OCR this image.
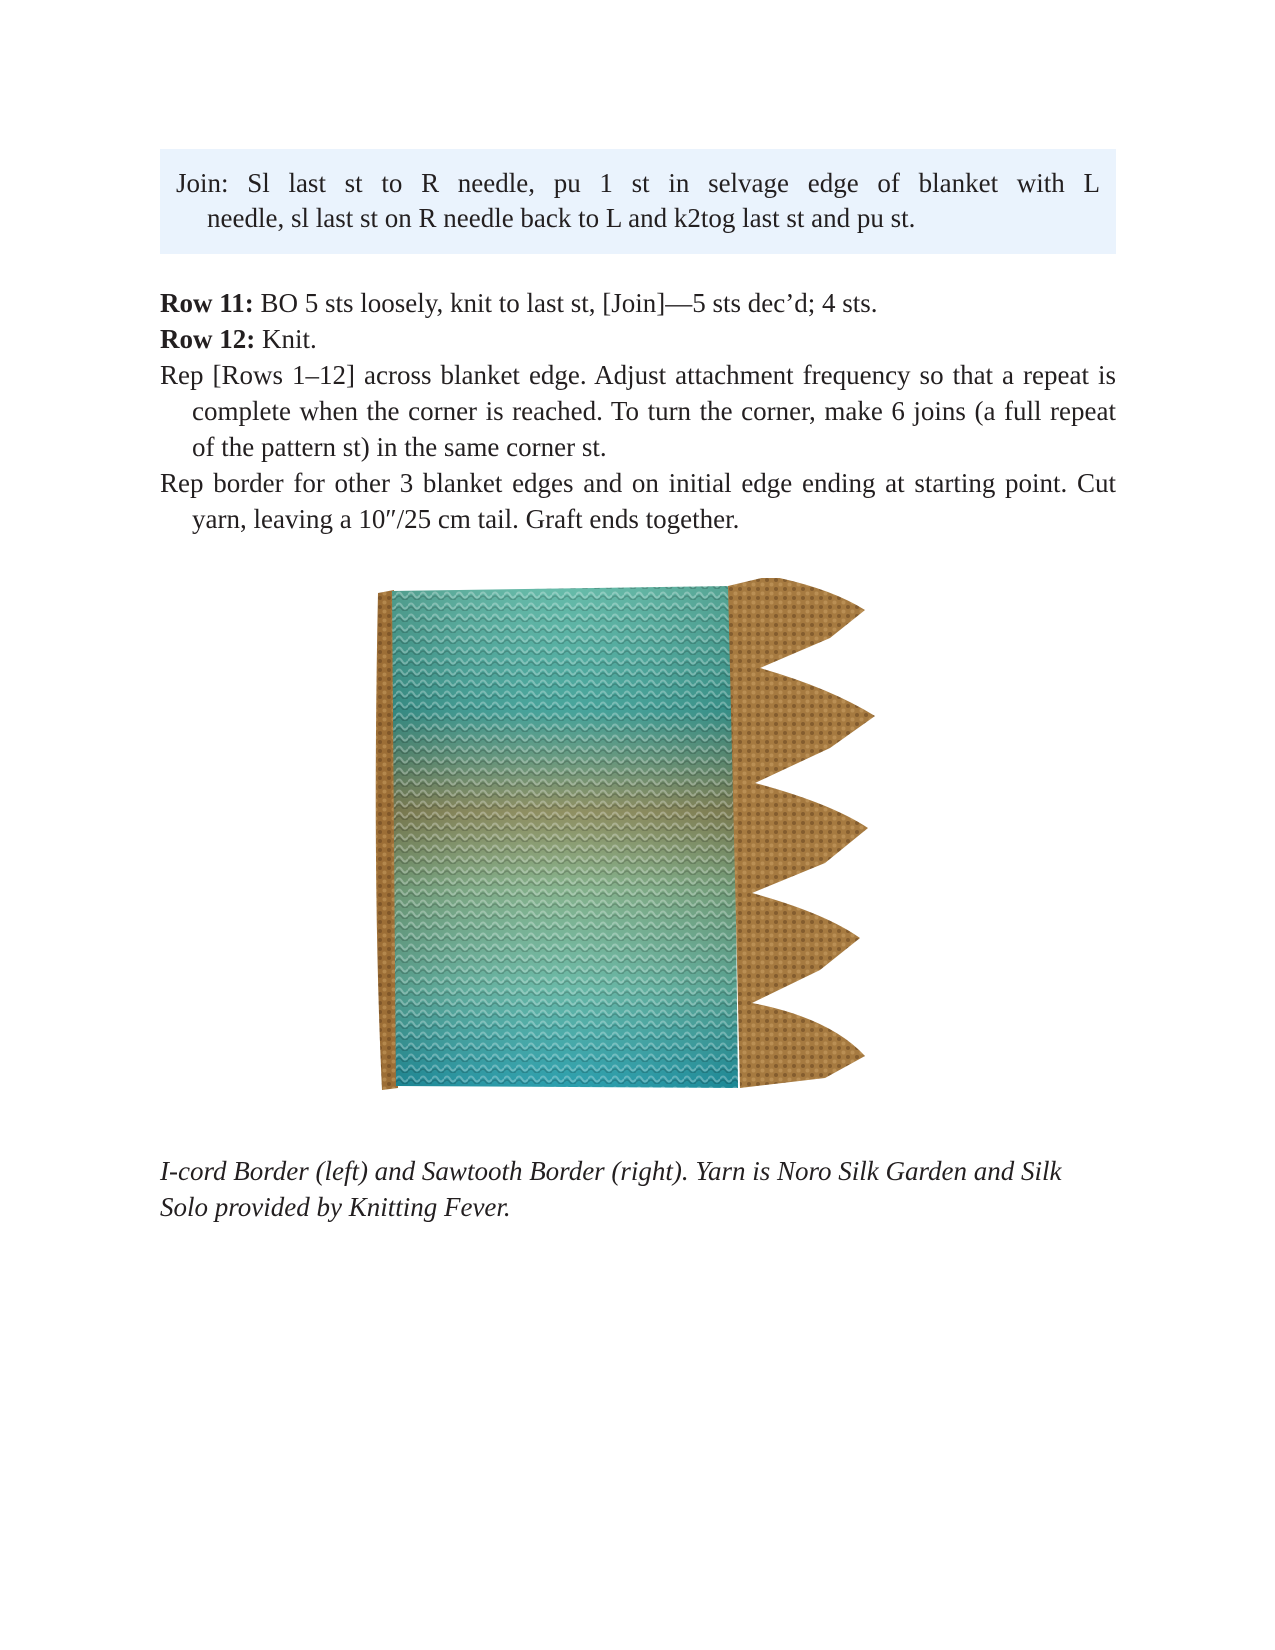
Join: Sl last st to R needle, pu 1 st in selvage edge of blanket with L

needle, sl last st on R needle back to L and k2tog last st and pu st.

Row 11: BO 5 sts loosely, knit to last st, [Join]—5 sts dec’d; 4 sts.

Row 12: Knit.

Rep [Rows 1–12] across blanket edge. Adjust attachment frequency so that a repeat is complete when the corner is reached. To turn the corner, make 6 joins (a full repeat of the pattern st) in the same corner st.

Rep border for other 3 blanket edges and on initial edge ending at starting point. Cut yarn, leaving a 10″/25 cm tail. Graft ends together.

I-cord Border (left) and Sawtooth Border (right). Yarn is Noro Silk Garden and Silk Solo provided by Knitting Fever.
